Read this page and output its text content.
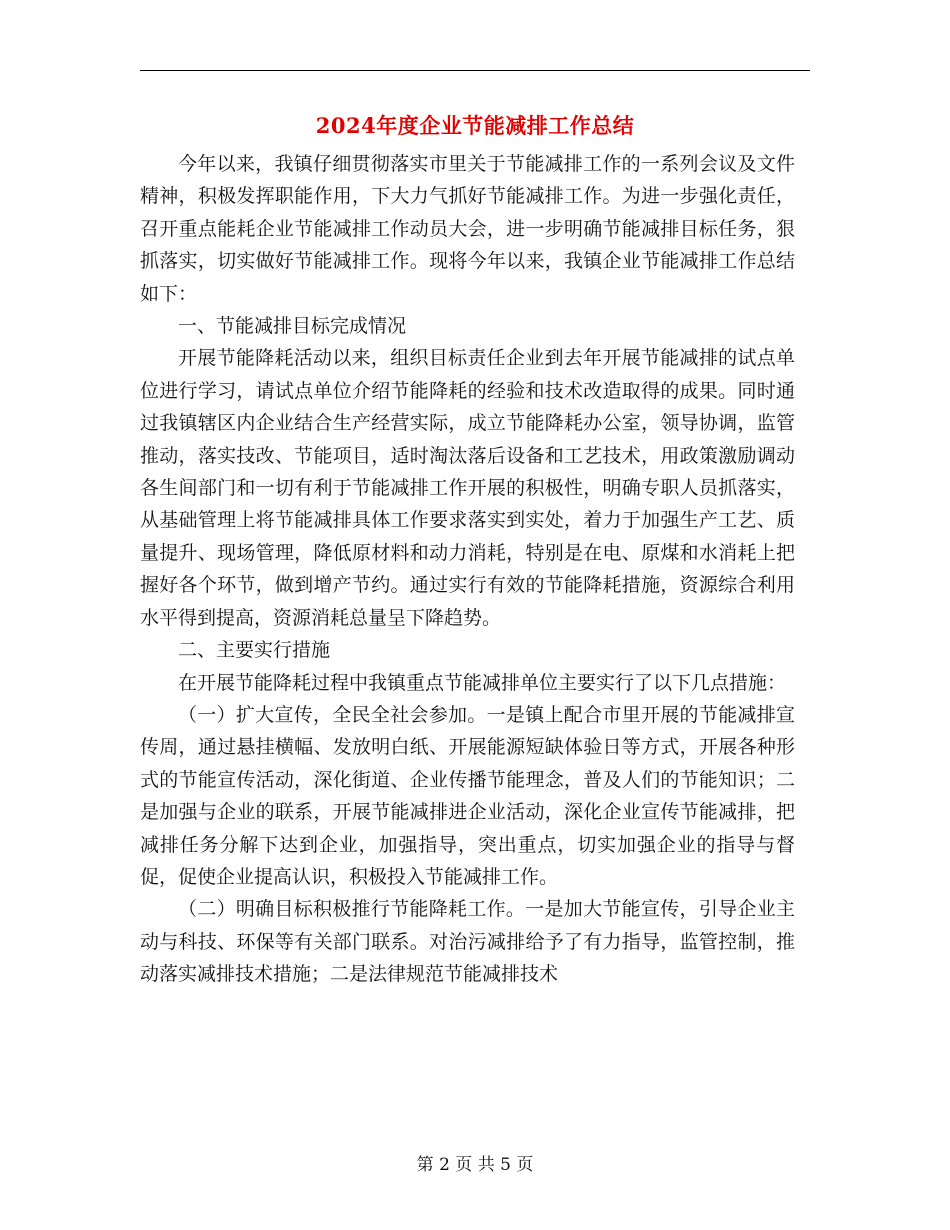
2024年度企业节能减排工作总结

今年以来，我镇仔细贯彻落实市里关于节能减排工作的一系列会议及文件精神，积极发挥职能作用，下大力气抓好节能减排工作。为进一步强化责任，召开重点能耗企业节能减排工作动员大会，进一步明确节能减排目标任务，狠抓落实，切实做好节能减排工作。现将今年以来，我镇企业节能减排工作总结如下：

一、节能减排目标完成情况

开展节能降耗活动以来，组织目标责任企业到去年开展节能减排的试点单位进行学习，请试点单位介绍节能降耗的经验和技术改造取得的成果。同时通过我镇辖区内企业结合生产经营实际，成立节能降耗办公室，领导协调，监管推动，落实技改、节能项目，适时淘汰落后设备和工艺技术，用政策激励调动各生间部门和一切有利于节能减排工作开展的积极性，明确专职人员抓落实，从基础管理上将节能减排具体工作要求落实到实处，着力于加强生产工艺、质量提升、现场管理，降低原材料和动力消耗，特别是在电、原煤和水消耗上把握好各个环节，做到增产节约。通过实行有效的节能降耗措施，资源综合利用水平得到提高，资源消耗总量呈下降趋势。

二、主要实行措施

在开展节能降耗过程中我镇重点节能减排单位主要实行了以下几点措施：

（一）扩大宣传，全民全社会参加。一是镇上配合市里开展的节能减排宣传周，通过悬挂横幅、发放明白纸、开展能源短缺体验日等方式，开展各种形式的节能宣传活动，深化街道、企业传播节能理念，普及人们的节能知识；二是加强与企业的联系，开展节能减排进企业活动，深化企业宣传节能减排，把减排任务分解下达到企业，加强指导，突出重点，切实加强企业的指导与督促，促使企业提高认识，积极投入节能减排工作。

（二）明确目标积极推行节能降耗工作。一是加大节能宣传，引导企业主动与科技、环保等有关部门联系。对治污减排给予了有力指导，监管控制，推动落实减排技术措施；二是法律规范节能减排技术

第 2 页 共 5 页
